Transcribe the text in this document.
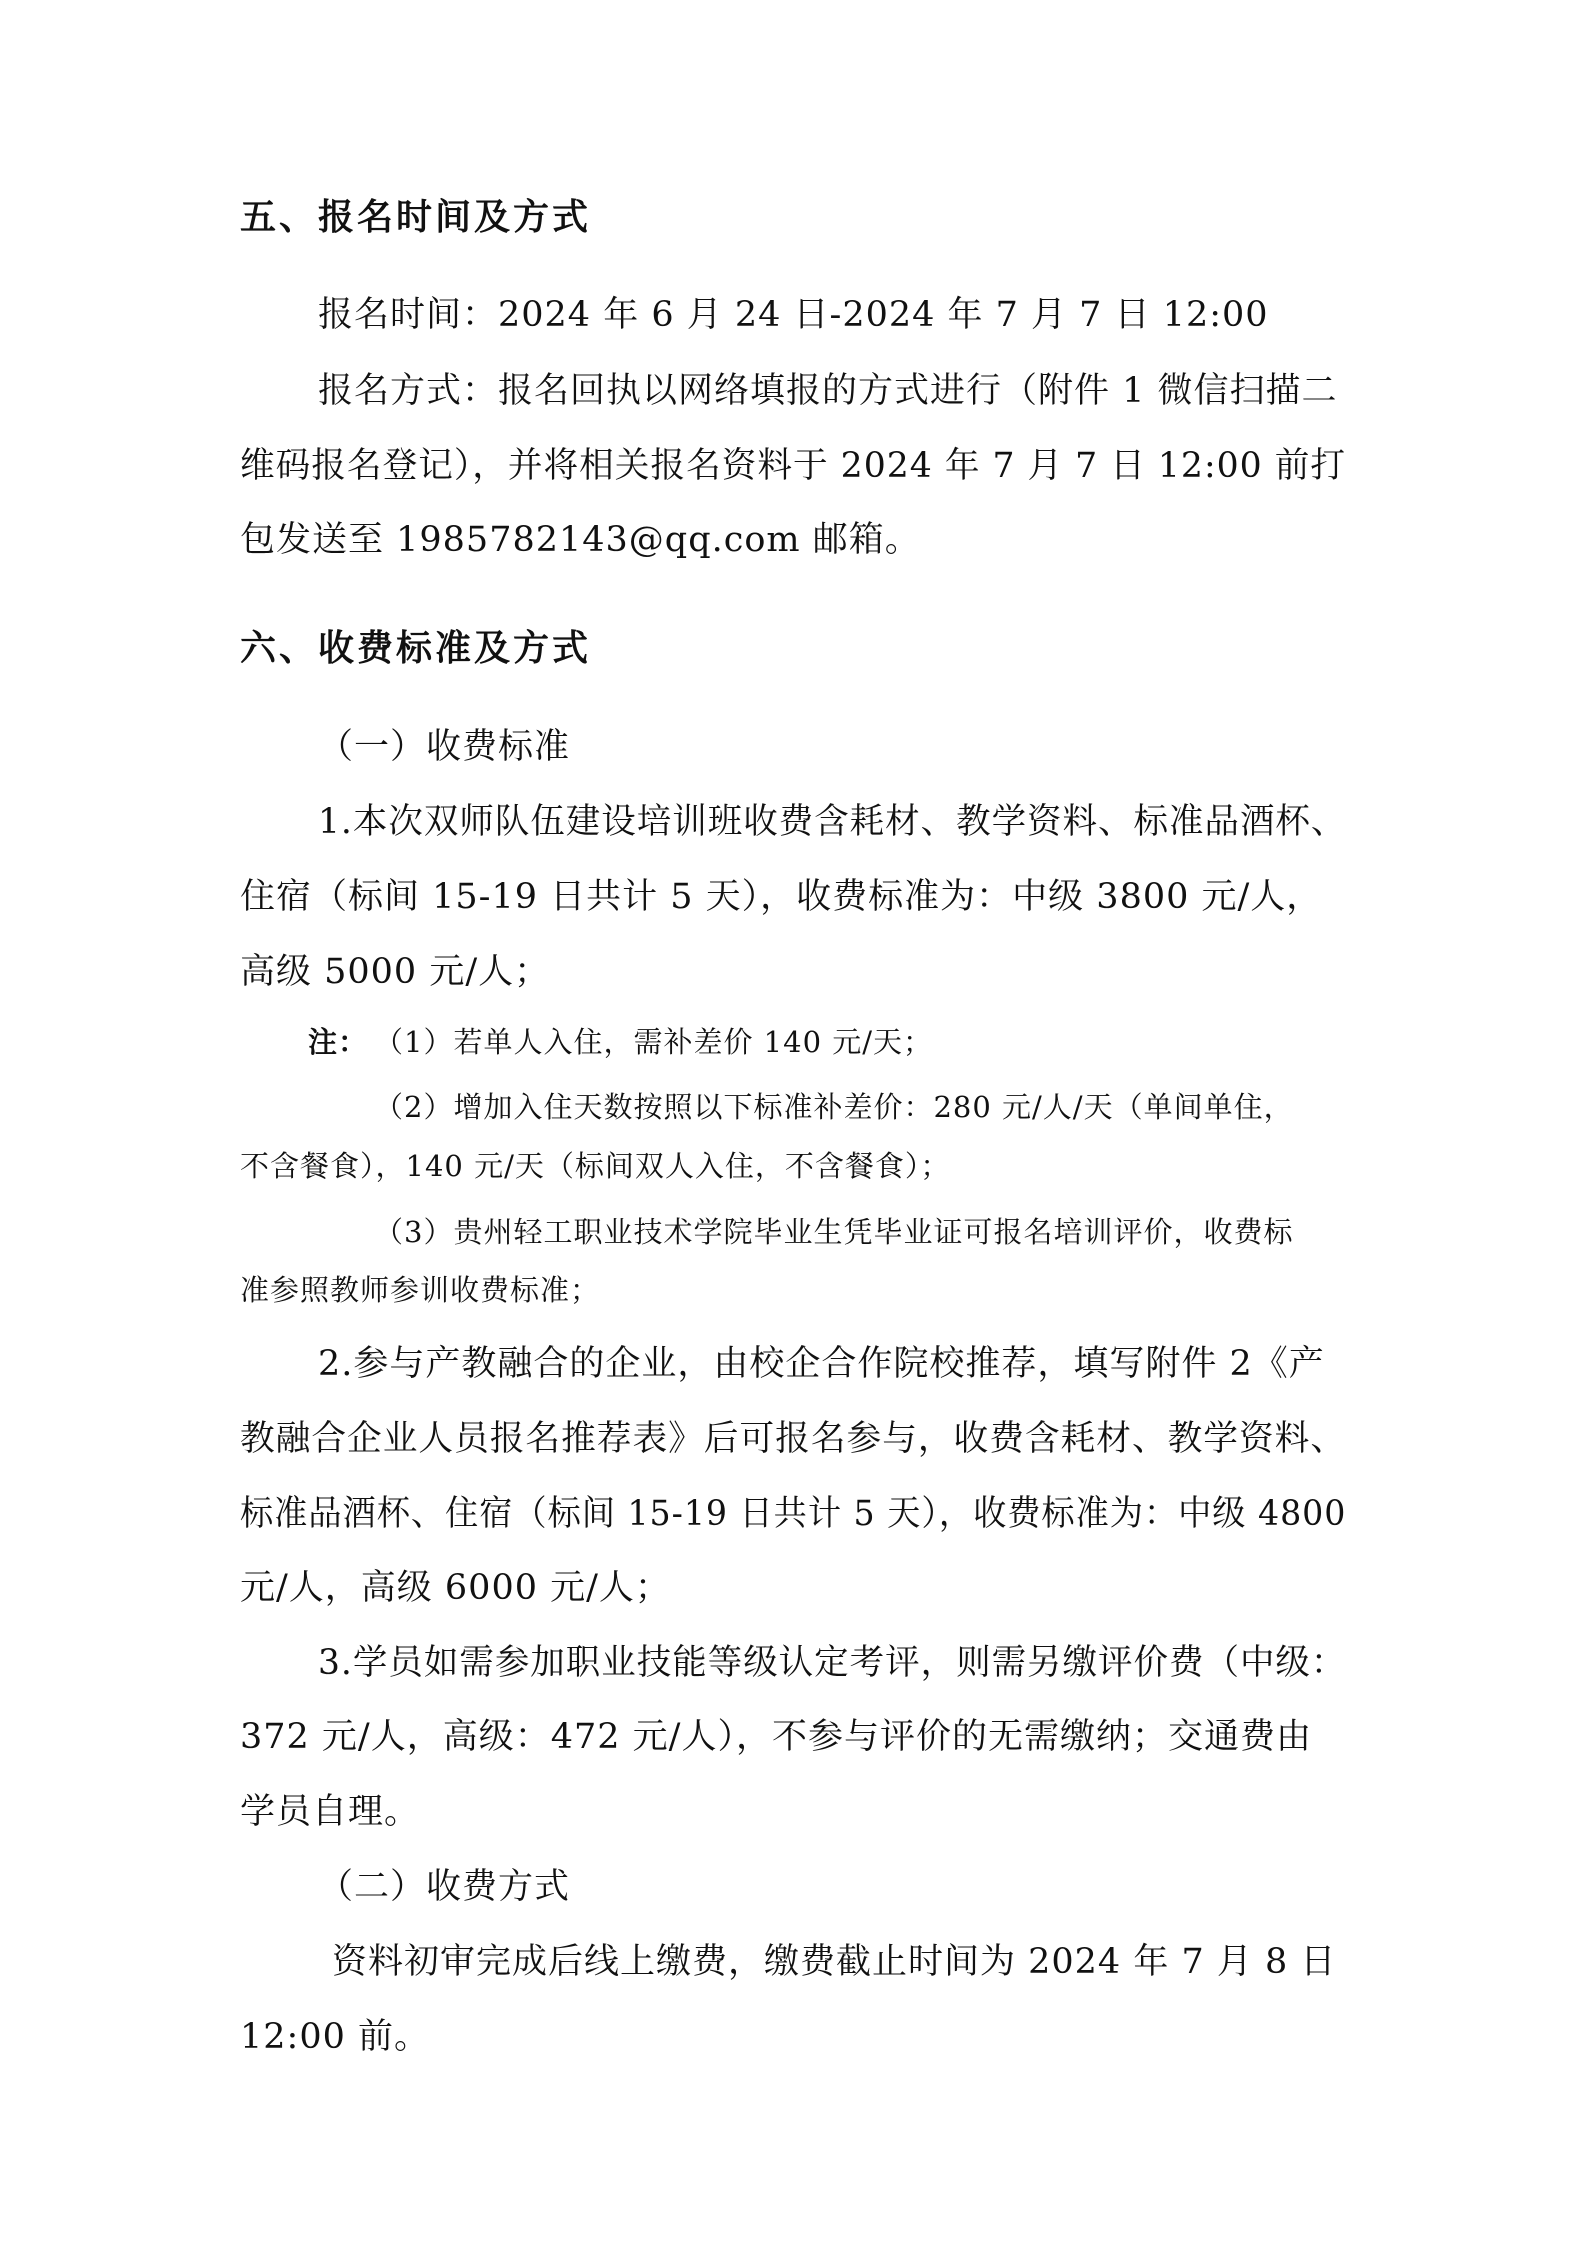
五、报名时间及方式
报名时间：2024 年 6 月 24 日-2024 年 7 月 7 日 12:00
报名方式：报名回执以网络填报的方式进行（附件 1 微信扫描二
维码报名登记），并将相关报名资料于 2024 年 7 月 7 日 12:00 前打
包发送至 1985782143@qq.com 邮箱。
六、收费标准及方式
（一）收费标准
1.本次双师队伍建设培训班收费含耗材、教学资料、标准品酒杯、
住宿（标间 15-19 日共计 5 天），收费标准为：中级 3800 元/人，
高级 5000 元/人；
注： （1）若单人入住，需补差价 140 元/天；
（2）增加入住天数按照以下标准补差价：280 元/人/天（单间单住，
不含餐食），140 元/天（标间双人入住，不含餐食）；
（3）贵州轻工职业技术学院毕业生凭毕业证可报名培训评价，收费标
准参照教师参训收费标准；
2.参与产教融合的企业，由校企合作院校推荐，填写附件 2《产
教融合企业人员报名推荐表》后可报名参与，收费含耗材、教学资料、
标准品酒杯、住宿（标间 15-19 日共计 5 天），收费标准为：中级 4800
元/人，高级 6000 元/人；
3.学员如需参加职业技能等级认定考评，则需另缴评价费（中级：
372 元/人，高级：472 元/人），不参与评价的无需缴纳；交通费由
学员自理。
（二）收费方式
资料初审完成后线上缴费，缴费截止时间为 2024 年 7 月 8 日
12:00 前。
